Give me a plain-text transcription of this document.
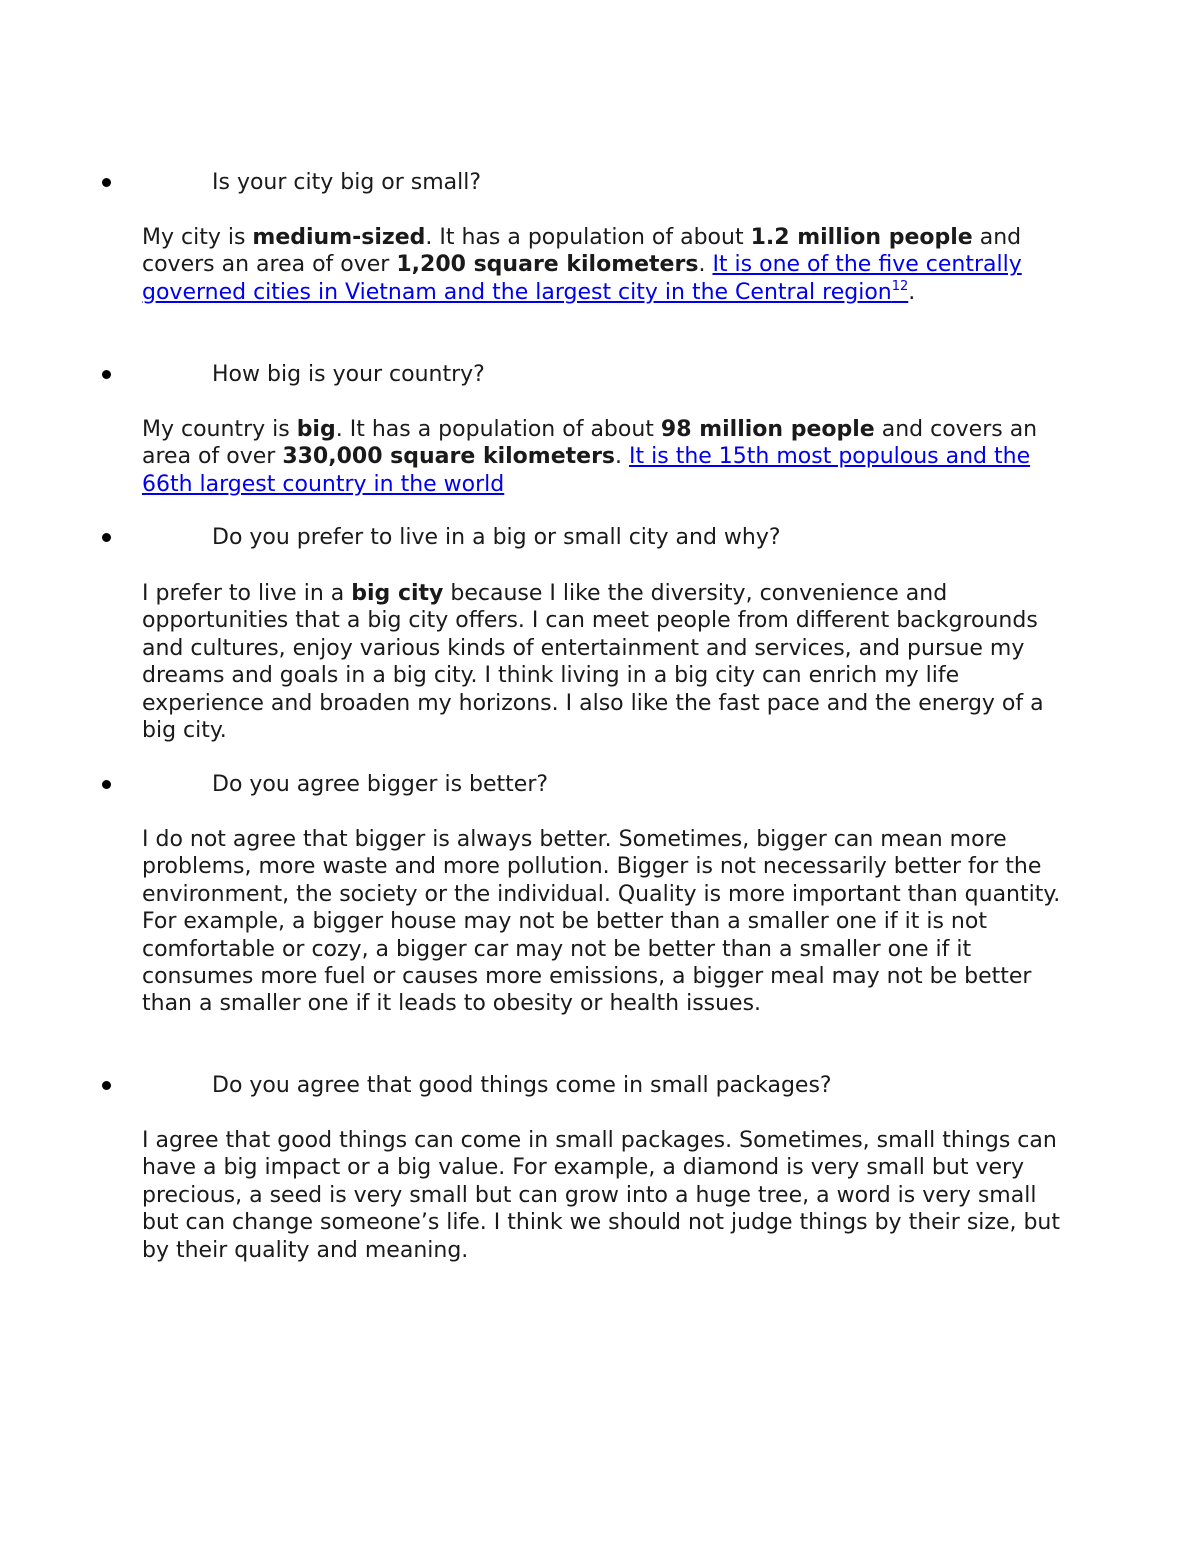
Is your city big or small?

My city is medium-sized. It has a population of about 1.2 million people and covers an area of over 1,200 square kilometers. It is one of the five centrally governed cities in Vietnam and the largest city in the Central region$^{12}$.

How big is your country?

My country is big. It has a population of about 98 million people and covers an area of over 330,000 square kilometers. It is the 15th most populous and the 66th largest country in the world

Do you prefer to live in a big or small city and why?

I prefer to live in a big city because I like the diversity, convenience and opportunities that a big city offers. I can meet people from different backgrounds and cultures, enjoy various kinds of entertainment and services, and pursue my dreams and goals in a big city. I think living in a big city can enrich my life experience and broaden my horizons. I also like the fast pace and the energy of a big city.

Do you agree bigger is better?

I do not agree that bigger is always better. Sometimes, bigger can mean more problems, more waste and more pollution. Bigger is not necessarily better for the environment, the society or the individual. Quality is more important than quantity. For example, a bigger house may not be better than a smaller one if it is not comfortable or cozy, a bigger car may not be better than a smaller one if it consumes more fuel or causes more emissions, a bigger meal may not be better than a smaller one if it leads to obesity or health issues.

Do you agree that good things come in small packages?

I agree that good things can come in small packages. Sometimes, small things can have a big impact or a big value. For example, a diamond is very small but very precious, a seed is very small but can grow into a huge tree, a word is very small but can change someone’s life. I think we should not judge things by their size, but by their quality and meaning.
